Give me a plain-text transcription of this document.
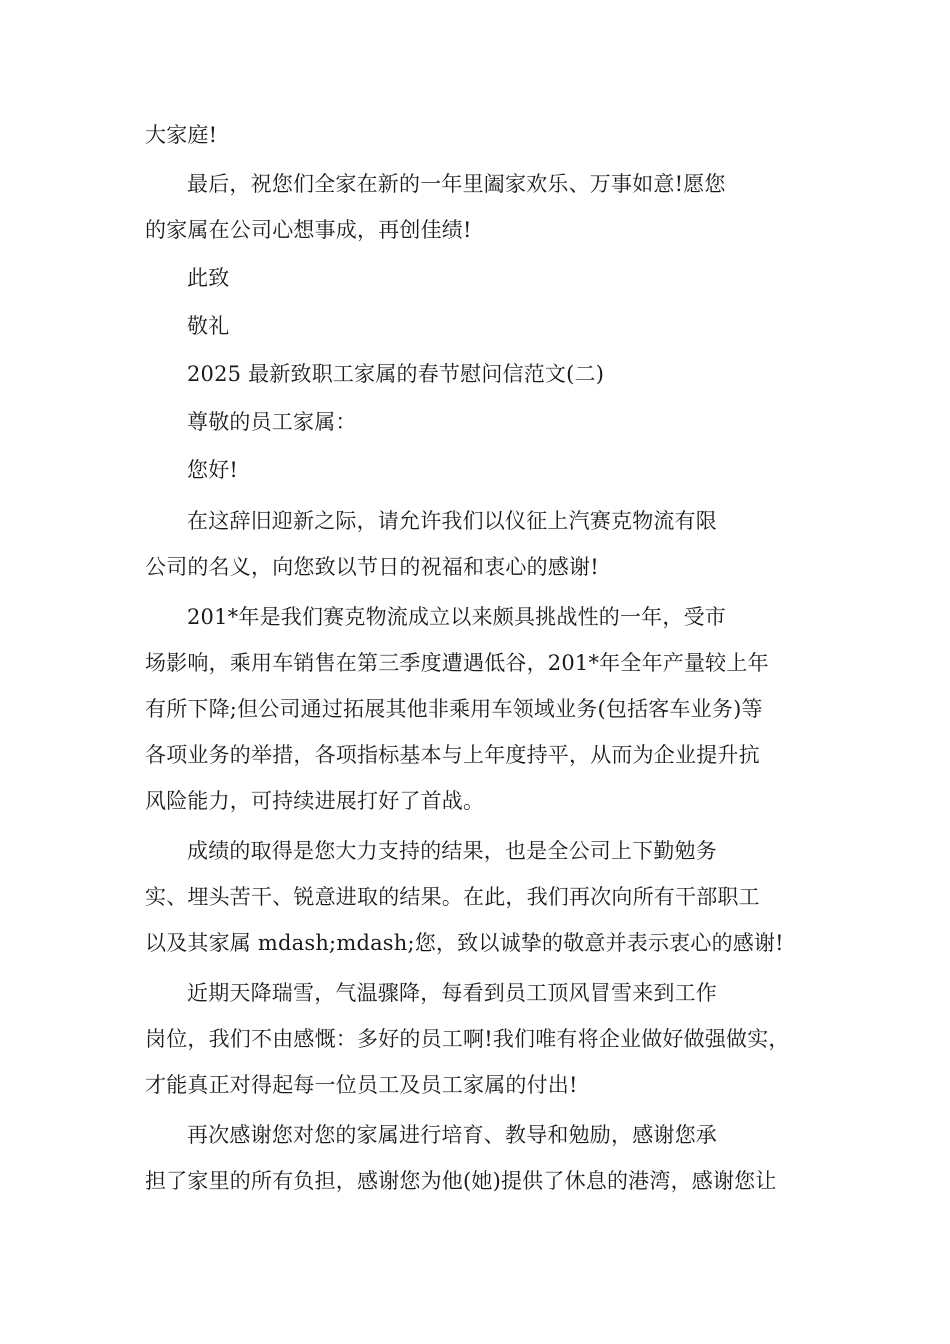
大家庭!

最后，祝您们全家在新的一年里阖家欢乐、万事如意!愿您
的家属在公司心想事成，再创佳绩!

此致

敬礼

2025 最新致职工家属的春节慰问信范文(二)

尊敬的员工家属：

您好!

在这辞旧迎新之际，请允许我们以仪征上汽赛克物流有限
公司的名义，向您致以节日的祝福和衷心的感谢!

201*年是我们赛克物流成立以来颇具挑战性的一年，受市
场影响，乘用车销售在第三季度遭遇低谷，201*年全年产量较上年
有所下降;但公司通过拓展其他非乘用车领域业务(包括客车业务)等
各项业务的举措，各项指标基本与上年度持平，从而为企业提升抗
风险能力，可持续进展打好了首战。

成绩的取得是您大力支持的结果，也是全公司上下勤勉务
实、埋头苦干、锐意进取的结果。在此，我们再次向所有干部职工
以及其家属 mdash;mdash;您，致以诚挚的敬意并表示衷心的感谢!

近期天降瑞雪，气温骤降，每看到员工顶风冒雪来到工作
岗位，我们不由感慨：多好的员工啊!我们唯有将企业做好做强做实，
才能真正对得起每一位员工及员工家属的付出!

再次感谢您对您的家属进行培育、教导和勉励，感谢您承
担了家里的所有负担，感谢您为他(她)提供了休息的港湾，感谢您让
